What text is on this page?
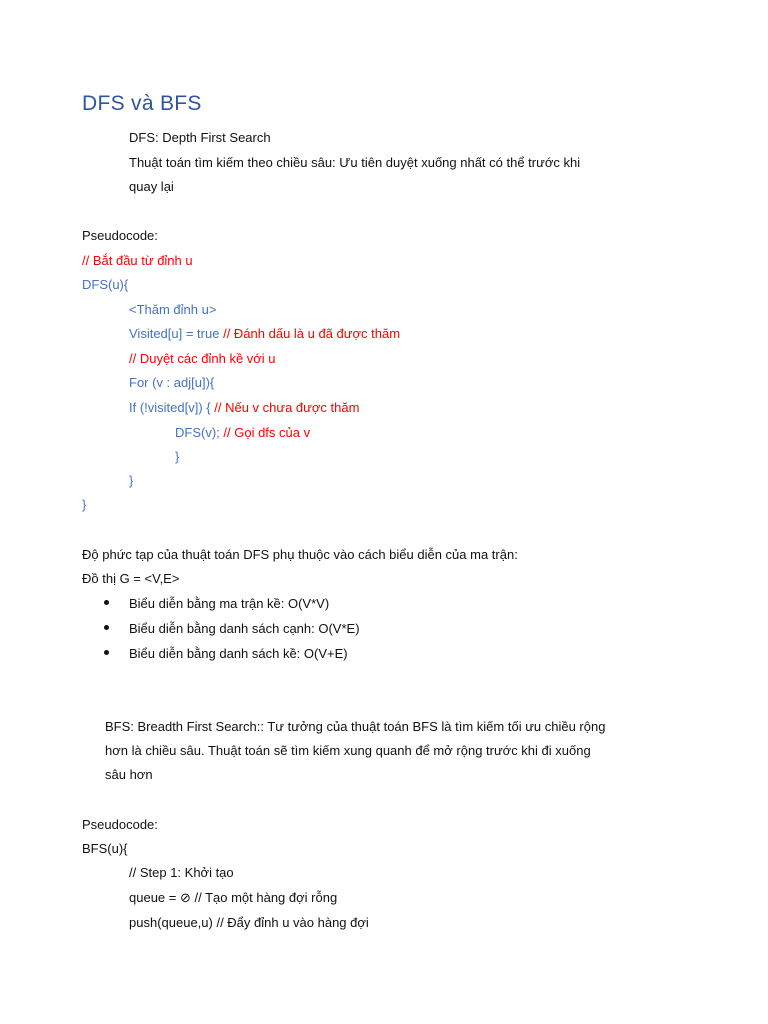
DFS và BFS
DFS: Depth First Search
Thuật toán tìm kiếm theo chiều sâu: Ưu tiên duyệt xuống nhất có thể trước khi
quay lại
Pseudocode:
// Bắt đầu từ đỉnh u
DFS(u){
<Thăm đỉnh u>
Visited[u] = true // Đánh dấu là u đã được thăm
// Duyệt các đỉnh kề với u
For (v : adj[u]){
If (!visited[v]) { // Nếu v chưa được thăm
DFS(v); // Gọi dfs của v
}
}
}
Độ phức tạp của thuật toán DFS phụ thuộc vào cách biểu diễn của ma trận:
Đồ thị G = <V,E>
Biểu diễn bằng ma trận kề: O(V*V)
Biểu diễn bằng danh sách cạnh: O(V*E)
Biểu diễn bằng danh sách kề: O(V+E)
BFS: Breadth First Search:: Tư tưởng của thuật toán BFS là tìm kiếm tối ưu chiều rộng
hơn là chiều sâu. Thuật toán sẽ tìm kiếm xung quanh để mở rộng trước khi đi xuống
sâu hơn
Pseudocode:
BFS(u){
// Step 1: Khởi tạo
queue = ⊘ // Tạo một hàng đợi rỗng
push(queue,u) // Đẩy đỉnh u vào hàng đợi
